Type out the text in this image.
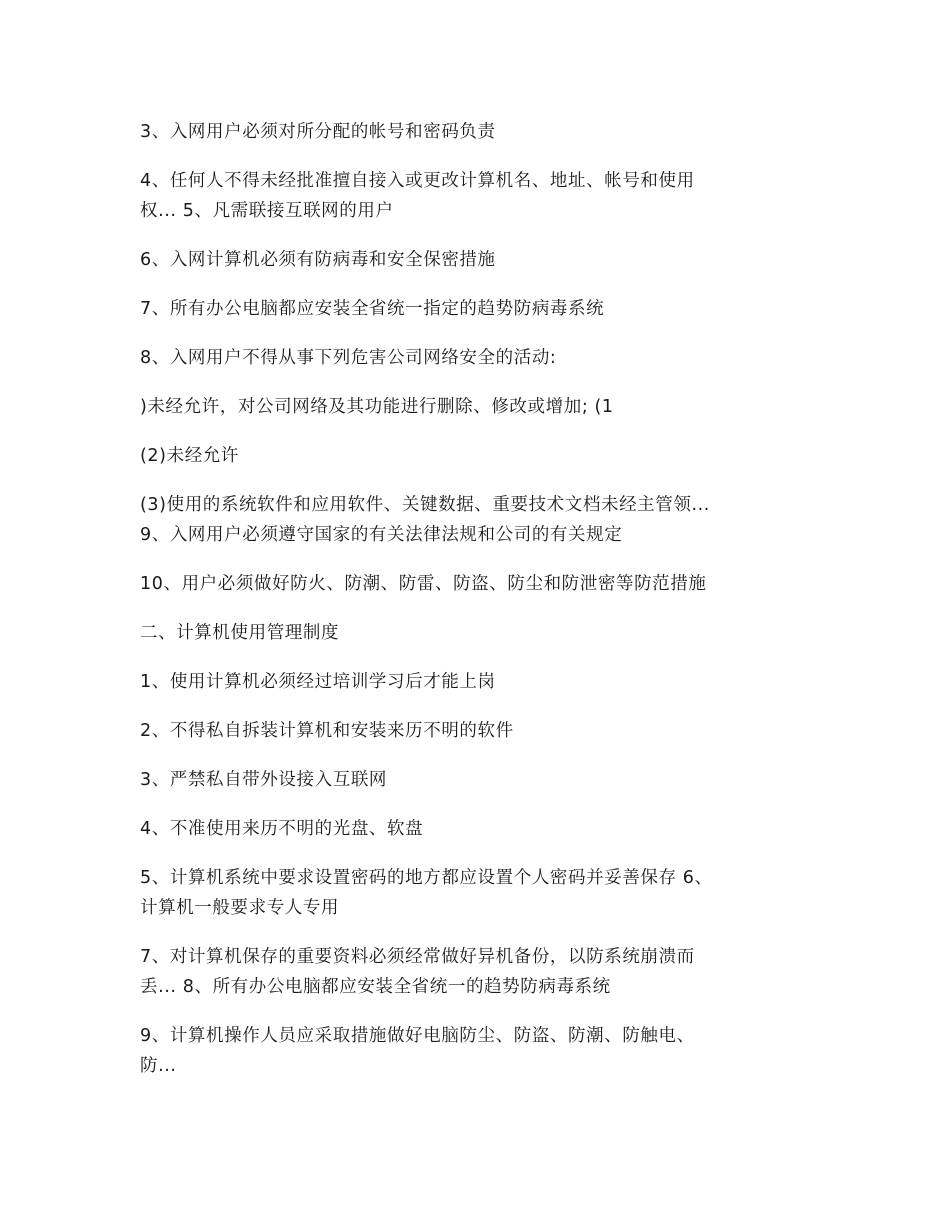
3、入网用户必须对所分配的帐号和密码负责

4、任何人不得未经批准擅自接入或更改计算机名、地址、帐号和使用
权... 5、凡需联接互联网的用户

6、入网计算机必须有防病毒和安全保密措施

7、所有办公电脑都应安装全省统一指定的趋势防病毒系统

8、入网用户不得从事下列危害公司网络安全的活动:

)未经允许，对公司网络及其功能进行删除、修改或增加; (1

(2)未经允许

(3)使用的系统软件和应用软件、关键数据、重要技术文档未经主管领...
9、入网用户必须遵守国家的有关法律法规和公司的有关规定

10、用户必须做好防火、防潮、防雷、防盗、防尘和防泄密等防范措施

二、计算机使用管理制度

1、使用计算机必须经过培训学习后才能上岗

2、不得私自拆装计算机和安装来历不明的软件

3、严禁私自带外设接入互联网

4、不准使用来历不明的光盘、软盘

5、计算机系统中要求设置密码的地方都应设置个人密码并妥善保存 6、
计算机一般要求专人专用

7、对计算机保存的重要资料必须经常做好异机备份，以防系统崩溃而
丢... 8、所有办公电脑都应安装全省统一的趋势防病毒系统

9、计算机操作人员应采取措施做好电脑防尘、防盗、防潮、防触电、
防...
